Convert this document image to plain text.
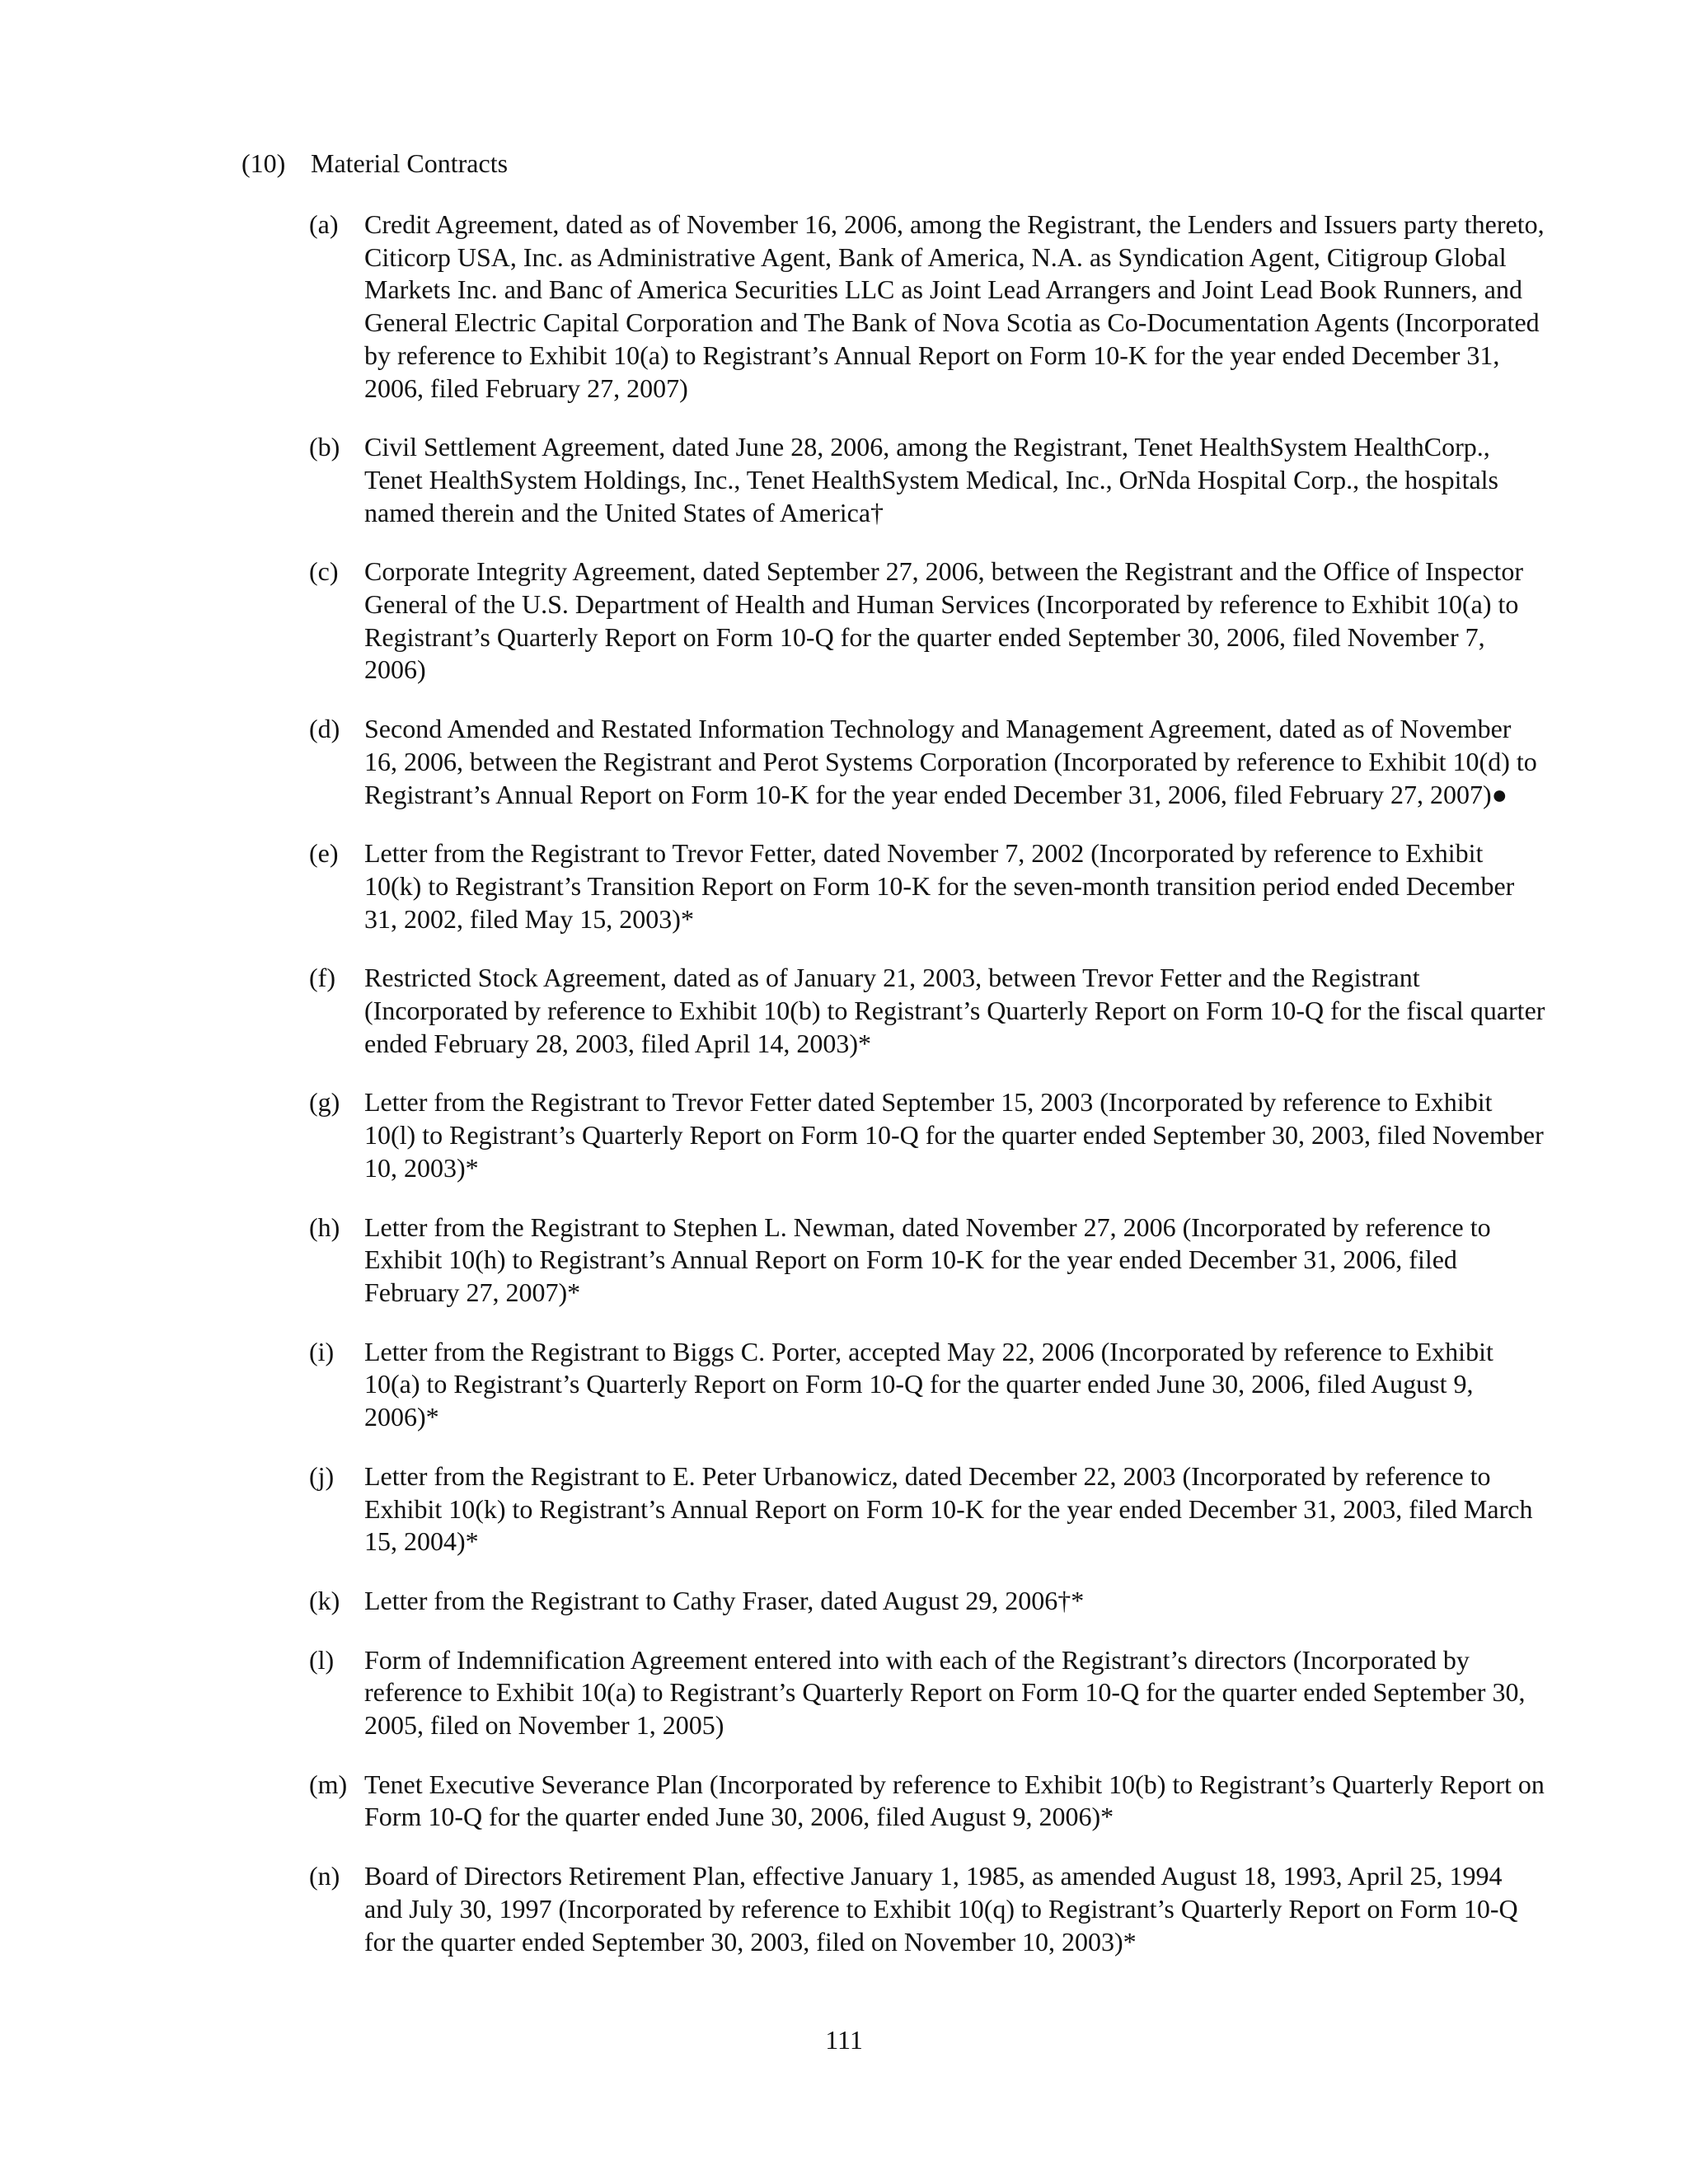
(10) Material Contracts
(a) Credit Agreement, dated as of November 16, 2006, among the Registrant, the Lenders and Issuers party thereto, Citicorp USA, Inc. as Administrative Agent, Bank of America, N.A. as Syndication Agent, Citigroup Global Markets Inc. and Banc of America Securities LLC as Joint Lead Arrangers and Joint Lead Book Runners, and General Electric Capital Corporation and The Bank of Nova Scotia as Co-Documentation Agents (Incorporated by reference to Exhibit 10(a) to Registrant’s Annual Report on Form 10-K for the year ended December 31, 2006, filed February 27, 2007)
(b) Civil Settlement Agreement, dated June 28, 2006, among the Registrant, Tenet HealthSystem HealthCorp., Tenet HealthSystem Holdings, Inc., Tenet HealthSystem Medical, Inc., OrNda Hospital Corp., the hospitals named therein and the United States of America†
(c) Corporate Integrity Agreement, dated September 27, 2006, between the Registrant and the Office of Inspector General of the U.S. Department of Health and Human Services (Incorporated by reference to Exhibit 10(a) to Registrant’s Quarterly Report on Form 10-Q for the quarter ended September 30, 2006, filed November 7, 2006)
(d) Second Amended and Restated Information Technology and Management Agreement, dated as of November 16, 2006, between the Registrant and Perot Systems Corporation (Incorporated by reference to Exhibit 10(d) to Registrant’s Annual Report on Form 10-K for the year ended December 31, 2006, filed February 27, 2007)●
(e) Letter from the Registrant to Trevor Fetter, dated November 7, 2002 (Incorporated by reference to Exhibit 10(k) to Registrant’s Transition Report on Form 10-K for the seven-month transition period ended December 31, 2002, filed May 15, 2003)*
(f) Restricted Stock Agreement, dated as of January 21, 2003, between Trevor Fetter and the Registrant (Incorporated by reference to Exhibit 10(b) to Registrant’s Quarterly Report on Form 10-Q for the fiscal quarter ended February 28, 2003, filed April 14, 2003)*
(g) Letter from the Registrant to Trevor Fetter dated September 15, 2003 (Incorporated by reference to Exhibit 10(l) to Registrant’s Quarterly Report on Form 10-Q for the quarter ended September 30, 2003, filed November 10, 2003)*
(h) Letter from the Registrant to Stephen L. Newman, dated November 27, 2006 (Incorporated by reference to Exhibit 10(h) to Registrant’s Annual Report on Form 10-K for the year ended December 31, 2006, filed February 27, 2007)*
(i) Letter from the Registrant to Biggs C. Porter, accepted May 22, 2006 (Incorporated by reference to Exhibit 10(a) to Registrant’s Quarterly Report on Form 10-Q for the quarter ended June 30, 2006, filed August 9, 2006)*
(j) Letter from the Registrant to E. Peter Urbanowicz, dated December 22, 2003 (Incorporated by reference to Exhibit 10(k) to Registrant’s Annual Report on Form 10-K for the year ended December 31, 2003, filed March 15, 2004)*
(k) Letter from the Registrant to Cathy Fraser, dated August 29, 2006†*
(l) Form of Indemnification Agreement entered into with each of the Registrant’s directors (Incorporated by reference to Exhibit 10(a) to Registrant’s Quarterly Report on Form 10-Q for the quarter ended September 30, 2005, filed on November 1, 2005)
(m) Tenet Executive Severance Plan (Incorporated by reference to Exhibit 10(b) to Registrant’s Quarterly Report on Form 10-Q for the quarter ended June 30, 2006, filed August 9, 2006)*
(n) Board of Directors Retirement Plan, effective January 1, 1985, as amended August 18, 1993, April 25, 1994 and July 30, 1997 (Incorporated by reference to Exhibit 10(q) to Registrant’s Quarterly Report on Form 10-Q for the quarter ended September 30, 2003, filed on November 10, 2003)*
111
